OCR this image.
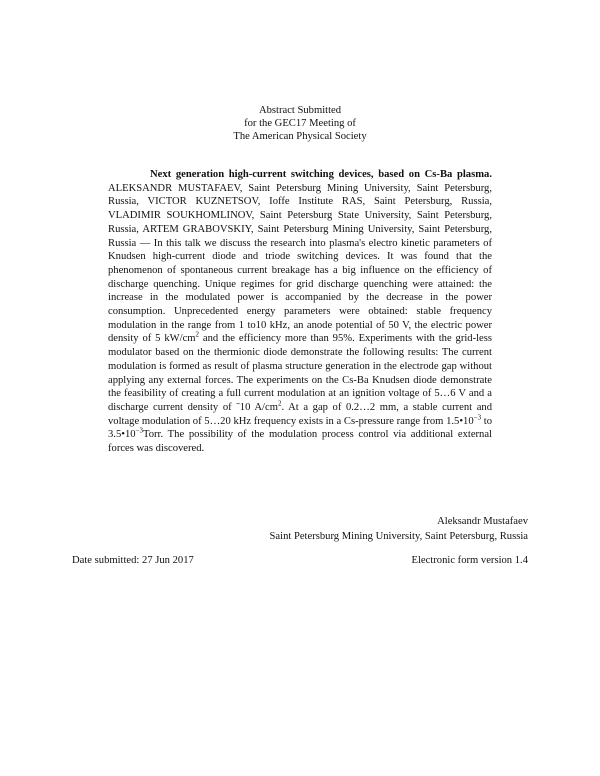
Abstract Submitted
for the GEC17 Meeting of
The American Physical Society
Next generation high-current switching devices, based on Cs-Ba plasma. ALEKSANDR MUSTAFAEV, Saint Petersburg Mining University, Saint Petersburg, Russia, VICTOR KUZNETSOV, Ioffe Institute RAS, Saint Petersburg, Russia, VLADIMIR SOUKHOMLINOV, Saint Petersburg State University, Saint Petersburg, Russia, ARTEM GRABOVSKIY, Saint Petersburg Mining University, Saint Petersburg, Russia — In this talk we discuss the research into plasma's electro kinetic parameters of Knudsen high-current diode and triode switching devices. It was found that the phenomenon of spontaneous current breakage has a big influence on the efficiency of discharge quenching. Unique regimes for grid discharge quenching were attained: the increase in the modulated power is accompanied by the decrease in the power consumption. Unprecedented energy parameters were obtained: stable frequency modulation in the range from 1 to10 kHz, an anode potential of 50 V, the electric power density of 5 $kW/cm^2$ and the efficiency more than 95%. Experiments with the grid-less modulator based on the thermionic diode demonstrate the following results: The current modulation is formed as result of plasma structure generation in the electrode gap without applying any external forces. The experiments on the Cs-Ba Knudsen diode demonstrate the feasibility of creating a full current modulation at an ignition voltage of 5…6 V and a discharge current density of ˜10 $A/cm^2$. At a gap of 0.2…2 mm, a stable current and voltage modulation of 5…20 kHz frequency exists in a Cs-pressure range from $1.5•10^{-3}$ to $3.5•10^{-3}Torr$. The possibility of the modulation process control via additional external forces was discovered.
Aleksandr Mustafaev
Saint Petersburg Mining University, Saint Petersburg, Russia
Date submitted: 27 Jun 2017	Electronic form version 1.4
